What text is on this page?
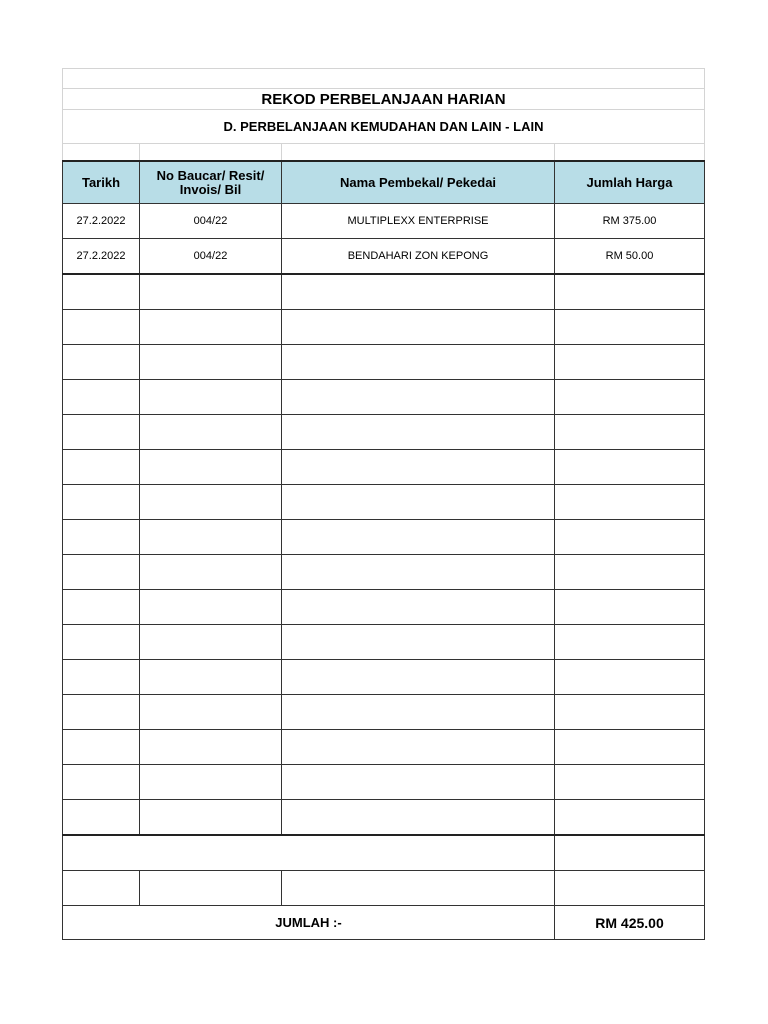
REKOD PERBELANJAAN HARIAN			
D. PERBELANJAAN KEMUDAHAN DAN LAIN - LAIN			

Tarikh	No Baucar/ Resit/ Invois/ Bil	Nama Pembekal/ Pekedai	Jumlah Harga
27.2.2022	004/22	MULTIPLEXX ENTERPRISE	RM 375.00
27.2.2022	004/22	BENDAHARI ZON KEPONG	RM 50.00

JUMLAH :-			RM 425.00
